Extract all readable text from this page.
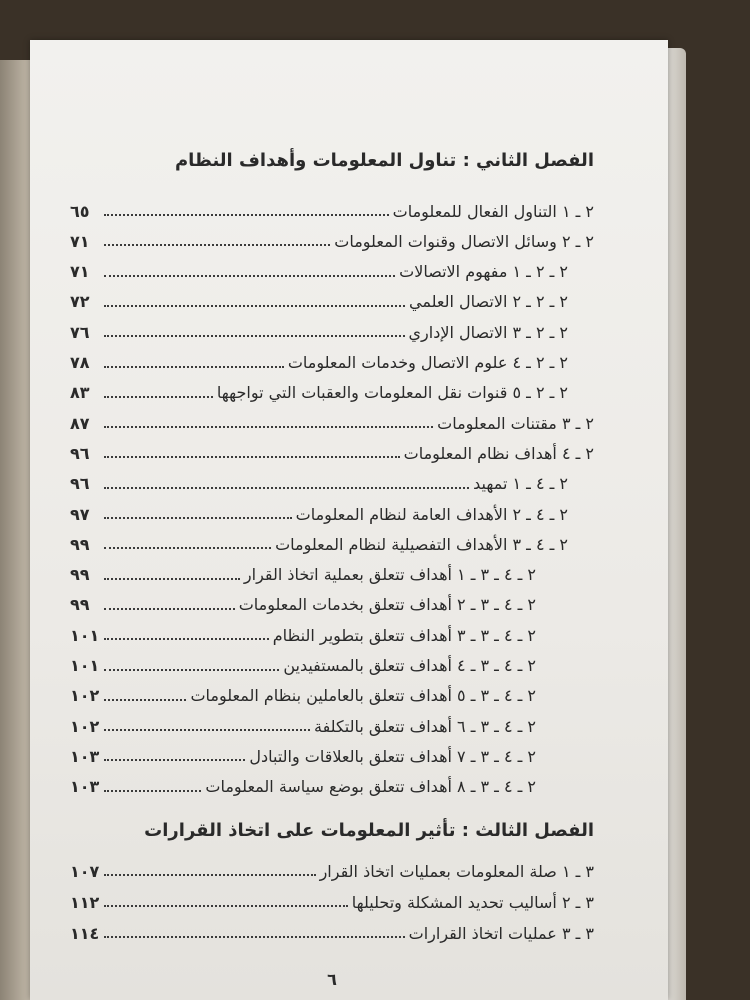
الفصل الثاني : تناول المعلومات وأهداف النظام
الفصل الثالث : تأثير المعلومات على اتخاذ القرارات
٦
٢ ـ ١
التناول الفعال للمعلومات
٦٥
٢ ـ ٢
وسائل الاتصال وقنوات المعلومات
٧١
٢ ـ ٢ ـ ١
مفهوم الاتصالات
٧١
٢ ـ ٢ ـ ٢
الاتصال العلمي
٧٢
٢ ـ ٢ ـ ٣
الاتصال الإداري
٧٦
٢ ـ ٢ ـ ٤
علوم الاتصال وخدمات المعلومات
٧٨
٢ ـ ٢ ـ ٥
قنوات نقل المعلومات والعقبات التي تواجهها
٨٣
٢ ـ ٣
مقتنات المعلومات
٨٧
٢ ـ ٤
أهداف نظام المعلومات
٩٦
٢ ـ ٤ ـ ١
تمهيد
٩٦
٢ ـ ٤ ـ ٢
الأهداف العامة لنظام المعلومات
٩٧
٢ ـ ٤ ـ ٣
الأهداف التفصيلية لنظام المعلومات
٩٩
٢ ـ ٤ ـ ٣ ـ ١
أهداف تتعلق بعملية اتخاذ القرار
٩٩
٢ ـ ٤ ـ ٣ ـ ٢
أهداف تتعلق بخدمات المعلومات
٩٩
٢ ـ ٤ ـ ٣ ـ ٣
أهداف تتعلق بتطوير النظام
١٠١
٢ ـ ٤ ـ ٣ ـ ٤
أهداف تتعلق بالمستفيدين
١٠١
٢ ـ ٤ ـ ٣ ـ ٥
أهداف تتعلق بالعاملين بنظام المعلومات
١٠٢
٢ ـ ٤ ـ ٣ ـ ٦
أهداف تتعلق بالتكلفة
١٠٢
٢ ـ ٤ ـ ٣ ـ ٧
أهداف تتعلق بالعلاقات والتبادل
١٠٣
٢ ـ ٤ ـ ٣ ـ ٨
أهداف تتعلق بوضع سياسة المعلومات
١٠٣
٣ ـ ١
صلة المعلومات بعمليات اتخاذ القرار
١٠٧
٣ ـ ٢
أساليب تحديد المشكلة وتحليلها
١١٢
٣ ـ ٣
عمليات اتخاذ القرارات
١١٤
